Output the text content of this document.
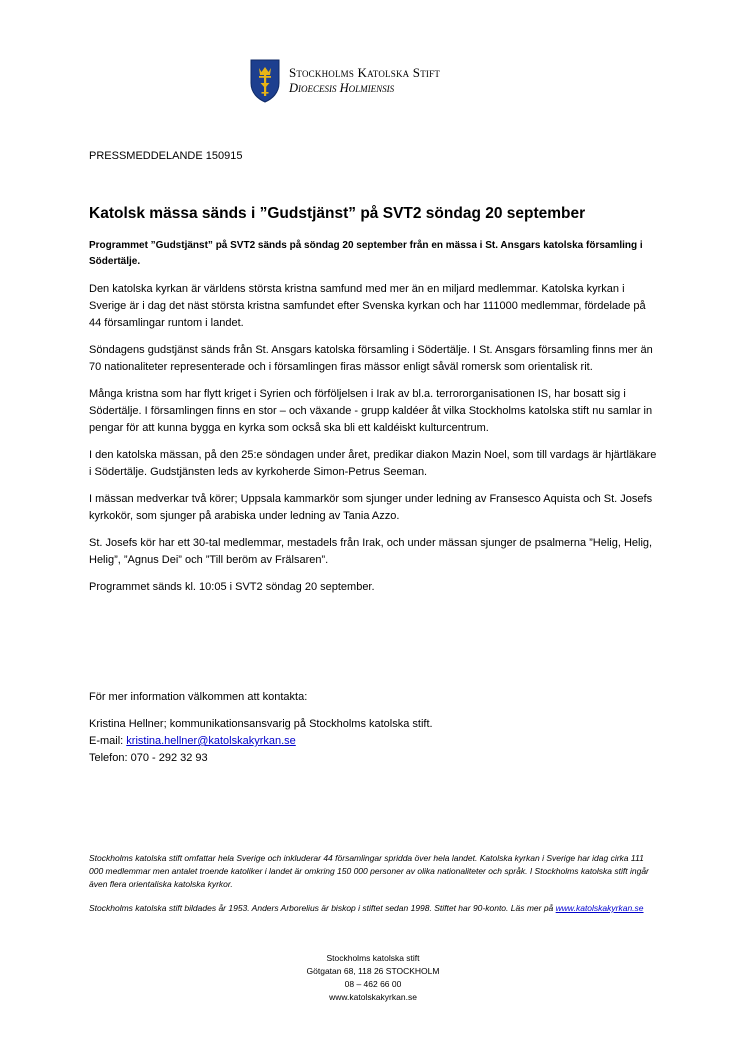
Stockholms Katolska Stift
Dioecesis Holmiensis
PRESSMEDDELANDE 150915
Katolsk mässa sänds i ”Gudstjänst” på SVT2 söndag 20 september

Programmet ”Gudstjänst” på SVT2 sänds på söndag 20 september från en mässa i St. Ansgars katolska församling i Södertälje.

Den katolska kyrkan är världens största kristna samfund med mer än en miljard medlemmar. Katolska kyrkan i Sverige är i dag det näst största kristna samfundet efter Svenska kyrkan och har 111000 medlemmar, fördelade på 44 församlingar runtom i landet.

Söndagens gudstjänst sänds från St. Ansgars katolska församling i Södertälje. I St. Ansgars församling finns mer än 70 nationaliteter representerade och i församlingen firas mässor enligt såväl romersk som orientalisk rit.

Många kristna som har flytt kriget i Syrien och förföljelsen i Irak av bl.a. terrororganisationen IS, har bosatt sig i Södertälje. I församlingen finns en stor – och växande - grupp kaldéer åt vilka Stockholms katolska stift nu samlar in pengar för att kunna bygga en kyrka som också ska bli ett kaldéiskt kulturcentrum.

I den katolska mässan, på den 25:e söndagen under året, predikar diakon Mazin Noel, som till vardags är hjärtläkare i Södertälje. Gudstjänsten leds av kyrkoherde Simon-Petrus Seeman.

I mässan medverkar två körer; Uppsala kammarkör som sjunger under ledning av Fransesco Aquista och St. Josefs kyrkokör, som sjunger på arabiska under ledning av Tania Azzo.

St. Josefs kör har ett 30-tal medlemmar, mestadels från Irak, och under mässan sjunger de psalmerna ”Helig, Helig, Helig”, ”Agnus Dei” och ”Till beröm av Frälsaren”.

Programmet sänds kl. 10:05 i SVT2 söndag 20 september.

För mer information välkommen att kontakta:

Kristina Hellner; kommunikationsansvarig på Stockholms katolska stift.
E-mail: kristina.hellner@katolskakyrkan.se
Telefon: 070 - 292 32 93

Stockholms katolska stift omfattar hela Sverige och inkluderar 44 församlingar spridda över hela landet. Katolska kyrkan i Sverige har idag cirka 111 000 medlemmar men antalet troende katoliker i landet är omkring 150 000 personer av olika nationaliteter och språk. I Stockholms katolska stift ingår även flera orientaliska katolska kyrkor.

Stockholms katolska stift bildades år 1953. Anders Arborelius är biskop i stiftet sedan 1998. Stiftet har 90-konto. Läs mer på www.katolskakyrkan.se

Stockholms katolska stift
Götgatan 68, 118 26 STOCKHOLM
08 – 462 66 00
www.katolskakyrkan.se
